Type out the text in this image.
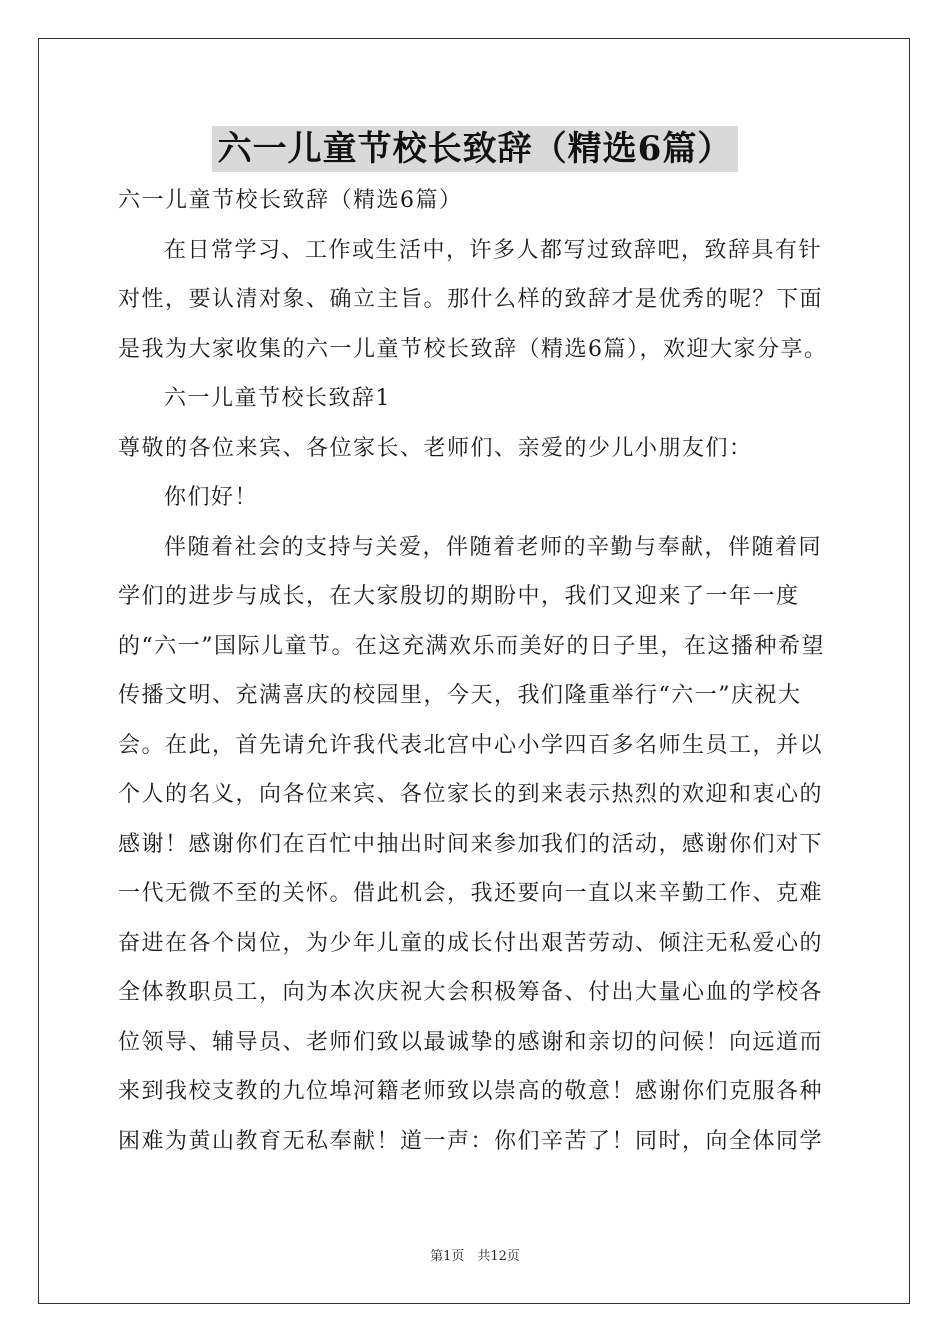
六一儿童节校长致辞（精选6篇）

六一儿童节校长致辞（精选6篇）

在日常学习、工作或生活中，许多人都写过致辞吧，致辞具有针对性，要认清对象、确立主旨。那什么样的致辞才是优秀的呢？下面是我为大家收集的六一儿童节校长致辞（精选6篇），欢迎大家分享。

六一儿童节校长致辞1

尊敬的各位来宾、各位家长、老师们、亲爱的少儿小朋友们：

你们好！

伴随着社会的支持与关爱，伴随着老师的辛勤与奉献，伴随着同学们的进步与成长，在大家殷切的期盼中，我们又迎来了一年一度的“六一”国际儿童节。在这充满欢乐而美好的日子里，在这播种希望传播文明、充满喜庆的校园里，今天，我们隆重举行“六一”庆祝大会。在此，首先请允许我代表北宫中心小学四百多名师生员工，并以个人的名义，向各位来宾、各位家长的到来表示热烈的欢迎和衷心的感谢！感谢你们在百忙中抽出时间来参加我们的活动，感谢你们对下一代无微不至的关怀。借此机会，我还要向一直以来辛勤工作、克难奋进在各个岗位，为少年儿童的成长付出艰苦劳动、倾注无私爱心的全体教职员工，向为本次庆祝大会积极筹备、付出大量心血的学校各位领导、辅导员、老师们致以最诚挚的感谢和亲切的问候！向远道而来到我校支教的九位埠河籍老师致以崇高的敬意！感谢你们克服各种困难为黄山教育无私奉献！道一声：你们辛苦了！同时，向全体同学

第1页　共12页
